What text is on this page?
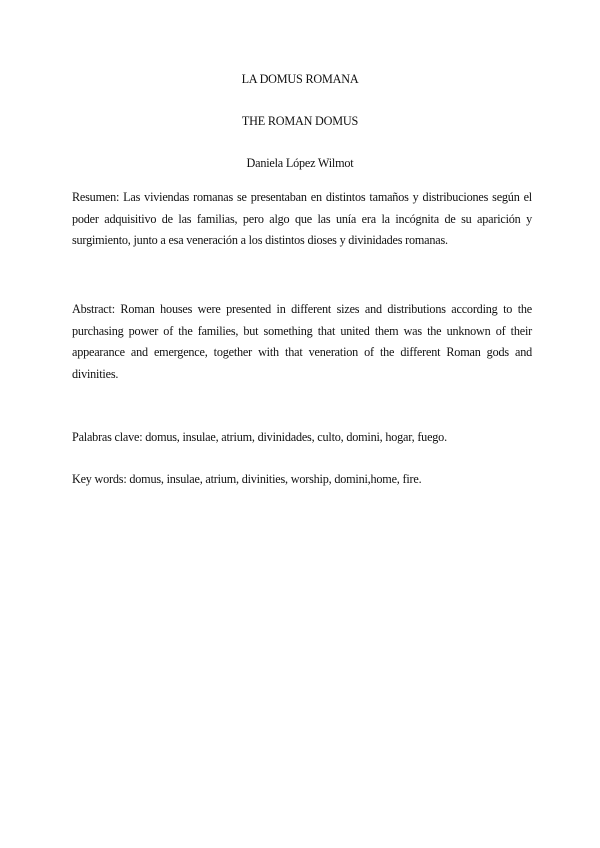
LA DOMUS ROMANA
THE ROMAN DOMUS
Daniela López Wilmot

Resumen: Las viviendas romanas se presentaban en distintos tamaños y distribuciones según el poder adquisitivo de las familias, pero algo que las unía era la incógnita de su aparición y surgimiento, junto a esa veneración a los distintos dioses y divinidades romanas.

Abstract: Roman houses were presented in different sizes and distributions according to the purchasing power of the families, but something that united them was the unknown of their appearance and emergence, together with that veneration of the different Roman gods and divinities.

Palabras clave: domus, insulae, atrium, divinidades, culto, domini, hogar, fuego.

Key words: domus, insulae, atrium, divinities, worship, domini,home, fire.
